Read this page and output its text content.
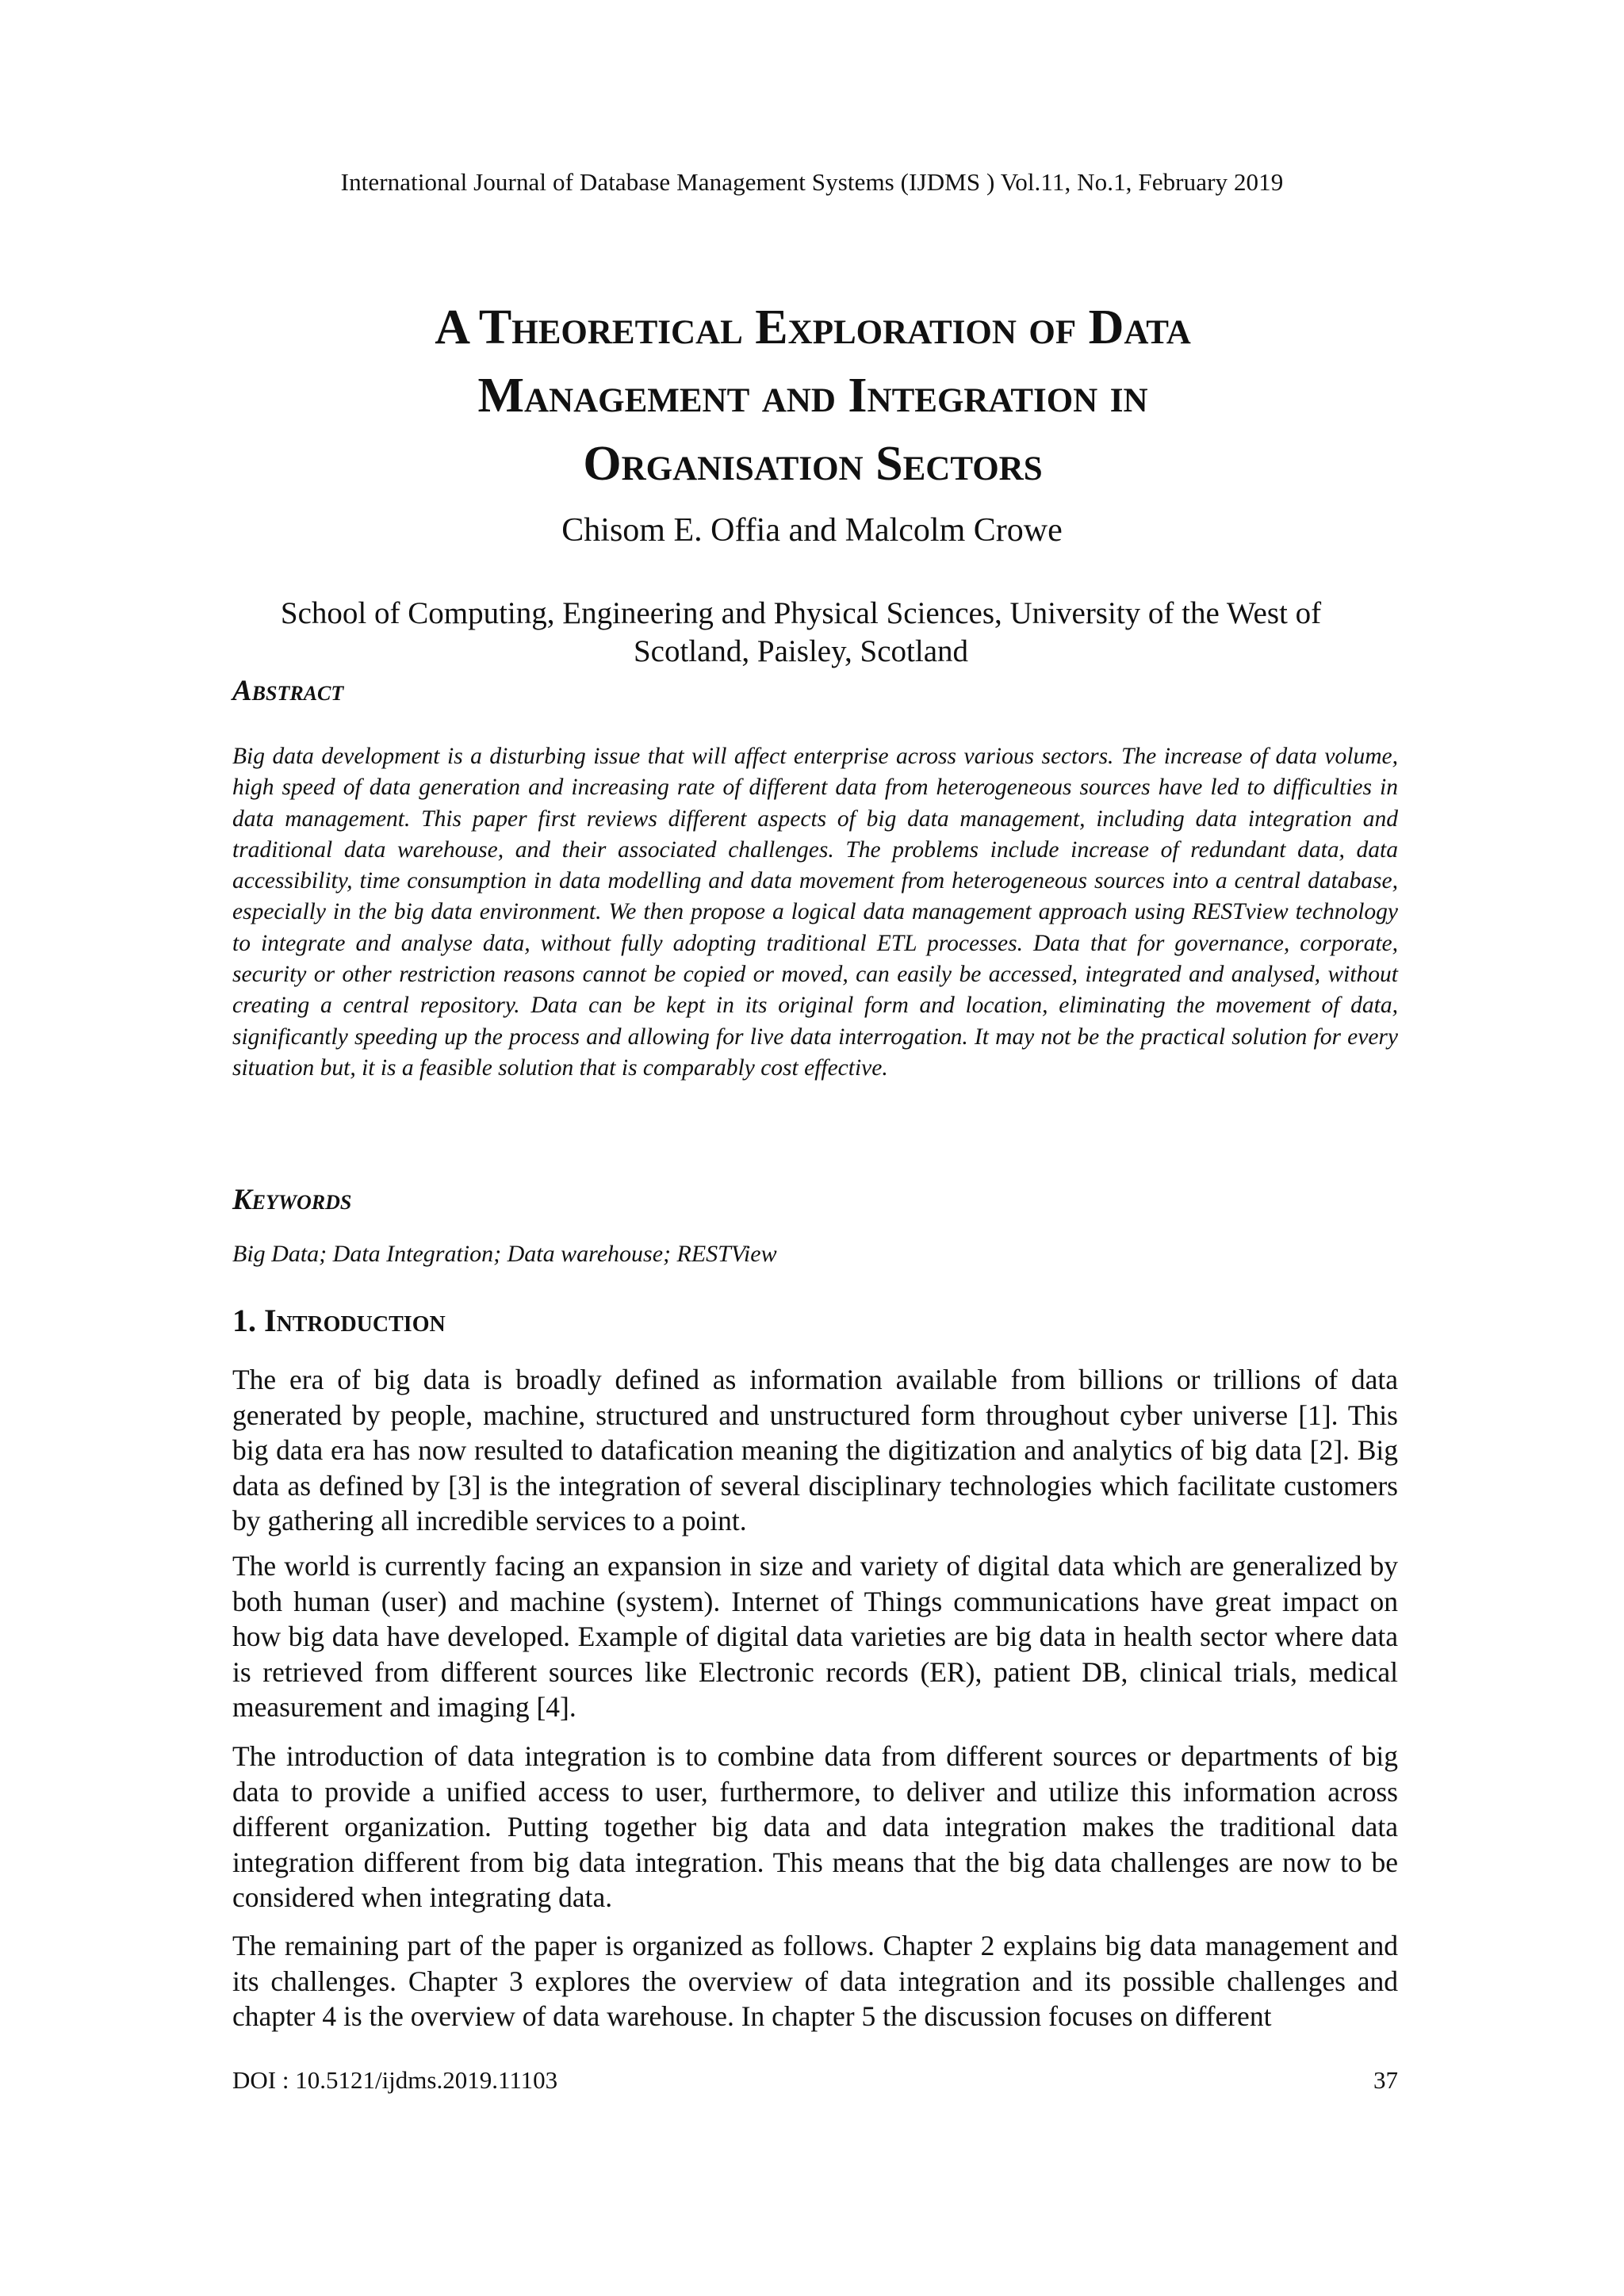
International Journal of Database Management Systems (IJDMS ) Vol.11, No.1, February 2019
A Theoretical Exploration of Data
Management and Integration in
Organisation Sectors
Chisom E. Offia and Malcolm Crowe
School of Computing, Engineering and Physical Sciences, University of the West of Scotland, Paisley, Scotland
Abstract
Big data development is a disturbing issue that will affect enterprise across various sectors. The increase of data volume, high speed of data generation and increasing rate of different data from heterogeneous sources have led to difficulties in data management. This paper first reviews different aspects of big data management, including data integration and traditional data warehouse, and their associated challenges. The problems include increase of redundant data, data accessibility, time consumption in data modelling and data movement from heterogeneous sources into a central database, especially in the big data environment. We then propose a logical data management approach using RESTview technology to integrate and analyse data, without fully adopting traditional ETL processes. Data that for governance, corporate, security or other restriction reasons cannot be copied or moved, can easily be accessed, integrated and analysed, without creating a central repository. Data can be kept in its original form and location, eliminating the movement of data, significantly speeding up the process and allowing for live data interrogation. It may not be the practical solution for every situation but, it is a feasible solution that is comparably cost effective.
Keywords
Big Data; Data Integration; Data warehouse; RESTView
1. Introduction

The era of big data is broadly defined as information available from billions or trillions of data generated by people, machine, structured and unstructured form throughout cyber universe [1]. This big data era has now resulted to datafication meaning the digitization and analytics of big data [2]. Big data as defined by [3] is the integration of several disciplinary technologies which facilitate customers by gathering all incredible services to a point.

The world is currently facing an expansion in size and variety of digital data which are generalized by both human (user) and machine (system). Internet of Things communications have great impact on how big data have developed. Example of digital data varieties are big data in health sector where data is retrieved from different sources like Electronic records (ER), patient DB, clinical trials, medical measurement and imaging [4].

The introduction of data integration is to combine data from different sources or departments of big data to provide a unified access to user, furthermore, to deliver and utilize this information across different organization. Putting together big data and data integration makes the traditional data integration different from big data integration. This means that the big data challenges are now to be considered when integrating data.

The remaining part of the paper is organized as follows. Chapter 2 explains big data management and its challenges. Chapter 3 explores the overview of data integration and its possible challenges and chapter 4 is the overview of data warehouse. In chapter 5 the discussion focuses on different

DOI : 10.5121/ijdms.2019.11103	37
